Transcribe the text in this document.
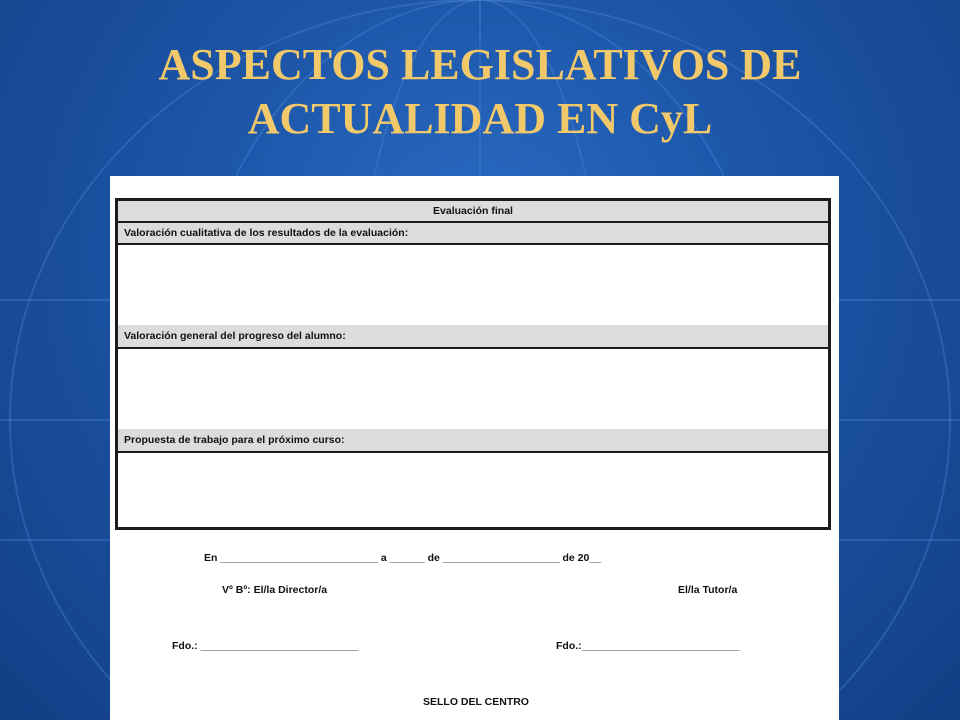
ASPECTOS LEGISLATIVOS DE
ACTUALIDAD EN CyL
Evaluación final
Valoración cualitativa de los resultados de la evaluación:
Valoración general del progreso del alumno:
Propuesta de trabajo para el próximo curso:
En ___________________________ a ______ de ____________________ de 20__
Vº Bº: El/la Director/a	El/la Tutor/a
Fdo.: ___________________________	Fdo.:___________________________
SELLO DEL CENTRO
